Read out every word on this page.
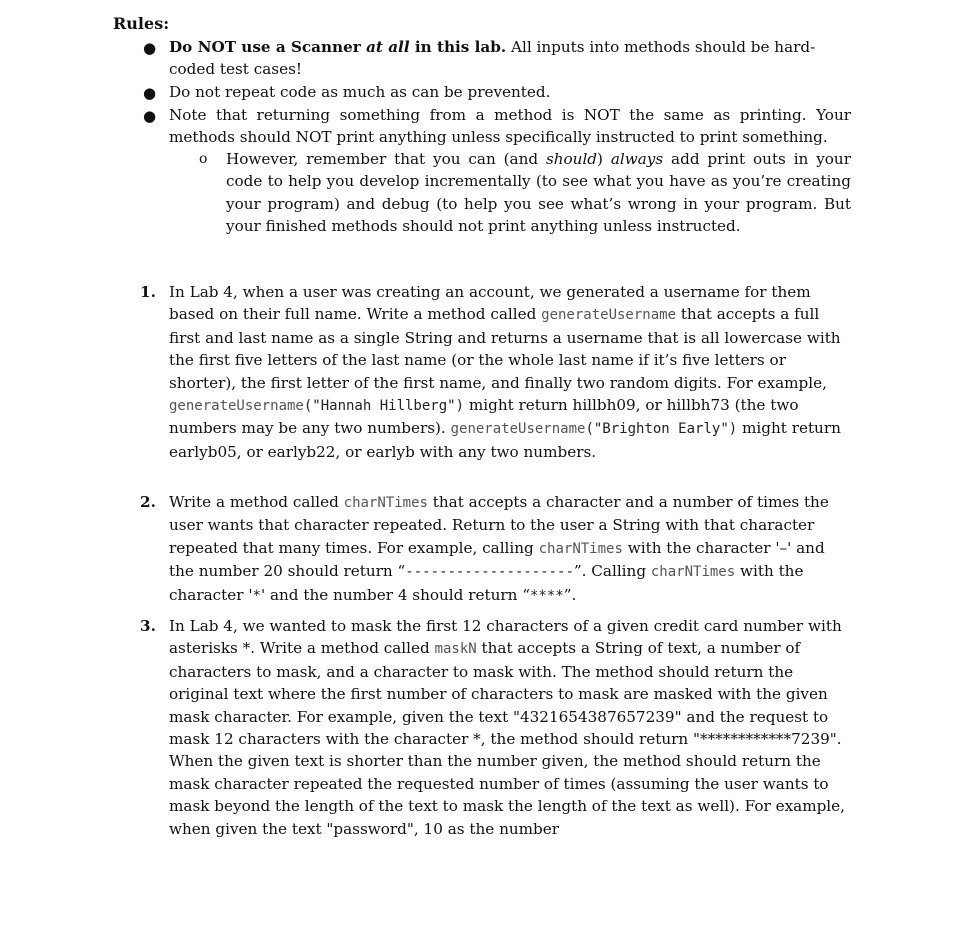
Rules:
● Do NOT use a Scanner at all in this lab. All inputs into methods should be hard-coded test cases!
● Do not repeat code as much as can be prevented.
● Note that returning something from a method is NOT the same as printing. Your methods should NOT print anything unless specifically instructed to print something.
o However, remember that you can (and should) always add print outs in your code to help you develop incrementally (to see what you have as you’re creating your program) and debug (to help you see what’s wrong in your program. But your finished methods should not print anything unless instructed.
1. In Lab 4, when a user was creating an account, we generated a username for them based on their full name. Write a method called generateUsername that accepts a full first and last name as a single String and returns a username that is all lowercase with the first five letters of the last name (or the whole last name if it’s five letters or shorter), the first letter of the first name, and finally two random digits. For example, generateUsername("Hannah Hillberg") might return hillbh09, or hillbh73 (the two numbers may be any two numbers). generateUsername("Brighton Early") might return earlyb05, or earlyb22, or earlyb with any two numbers.
2. Write a method called charNTimes that accepts a character and a number of times the user wants that character repeated. Return to the user a String with that character repeated that many times. For example, calling charNTimes with the character '–' and the number 20 should return “--------------------”. Calling charNTimes with the character '*' and the number 4 should return “****”.
3. In Lab 4, we wanted to mask the first 12 characters of a given credit card number with asterisks *. Write a method called maskN that accepts a String of text, a number of characters to mask, and a character to mask with. The method should return the original text where the first number of characters to mask are masked with the given mask character. For example, given the text "4321654387657239" and the request to mask 12 characters with the character *, the method should return "************7239". When the given text is shorter than the number given, the method should return the mask character repeated the requested number of times (assuming the user wants to mask beyond the length of the text to mask the length of the text as well). For example, when given the text "password", 10 as the number
